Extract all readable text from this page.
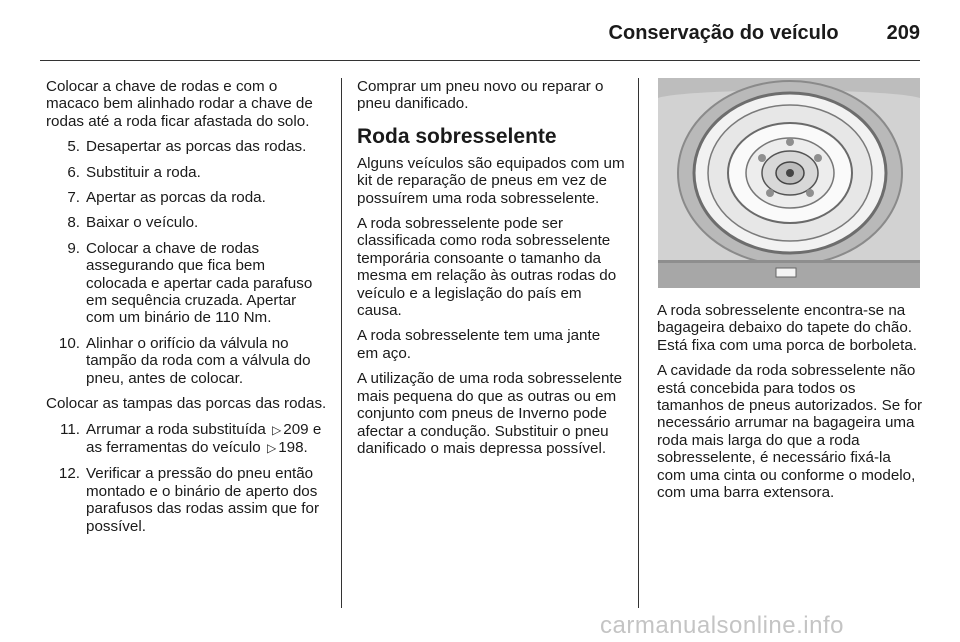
Conservação do veículo 209

Colocar a chave de rodas e com o macaco bem alinhado rodar a chave de rodas até a roda ficar afastada do solo.

5. Desapertar as porcas das rodas.
6. Substituir a roda.
7. Apertar as porcas da roda.
8. Baixar o veículo.
9. Colocar a chave de rodas assegurando que fica bem colocada e apertar cada parafuso em sequência cruzada. Apertar com um binário de 110 Nm.
10. Alinhar o orifício da válvula no tampão da roda com a válvula do pneu, antes de colocar.

Colocar as tampas das porcas das rodas.

11. Arrumar a roda substituída ▷ 209 e as ferramentas do veículo ▷ 198.
12. Verificar a pressão do pneu então montado e o binário de aperto dos parafusos das rodas assim que for possível.

Comprar um pneu novo ou reparar o pneu danificado.

Roda sobresselente

Alguns veículos são equipados com um kit de reparação de pneus em vez de possuírem uma roda sobresselente.

A roda sobresselente pode ser classificada como roda sobresselente temporária consoante o tamanho da mesma em relação às outras rodas do veículo e a legislação do país em causa.

A roda sobresselente tem uma jante em aço.

A utilização de uma roda sobresselente mais pequena do que as outras ou em conjunto com pneus de Inverno pode afectar a condução. Substituir o pneu danificado o mais depressa possível.

A roda sobresselente encontra-se na bagageira debaixo do tapete do chão. Está fixa com uma porca de borboleta.

A cavidade da roda sobresselente não está concebida para todos os tamanhos de pneus autorizados. Se for necessário arrumar na bagageira uma roda mais larga do que a roda sobresselente, é necessário fixá-la com uma cinta ou conforme o modelo, com uma barra extensora.

carmanualsonline.info
